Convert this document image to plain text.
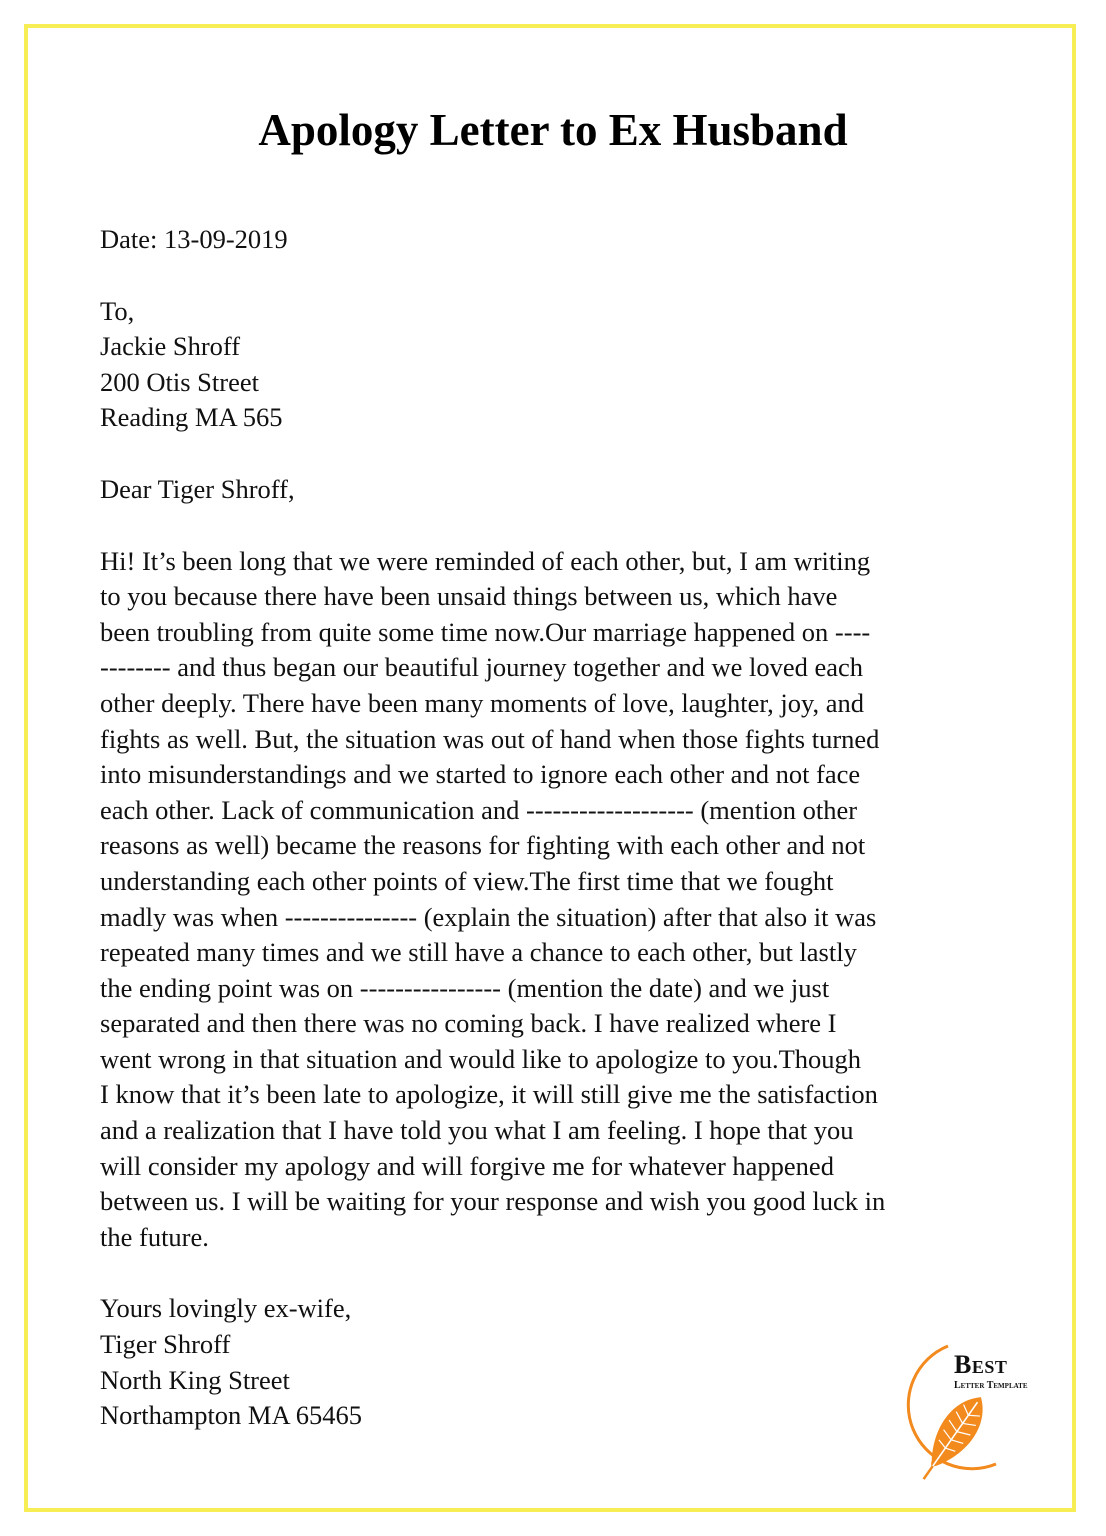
Apology Letter to Ex Husband
Date: 13-09-2019
To,
Jackie Shroff
200 Otis Street
Reading MA 565
Dear Tiger Shroff,
Hi! It’s been long that we were reminded of each other, but, I am writing
to you because there have been unsaid things between us, which have
been troubling from quite some time now.Our marriage happened on ----
-------- and thus began our beautiful journey together and we loved each
other deeply. There have been many moments of love, laughter, joy, and
fights as well. But, the situation was out of hand when those fights turned
into misunderstandings and we started to ignore each other and not face
each other. Lack of communication and ------------------- (mention other
reasons as well) became the reasons for fighting with each other and not
understanding each other points of view.The first time that we fought
madly was when --------------- (explain the situation) after that also it was
repeated many times and we still have a chance to each other, but lastly
the ending point was on ---------------- (mention the date) and we just
separated and then there was no coming back. I have realized where I
went wrong in that situation and would like to apologize to you.Though
I know that it’s been late to apologize, it will still give me the satisfaction
and a realization that I have told you what I am feeling. I hope that you
will consider my apology and will forgive me for whatever happened
between us. I will be waiting for your response and wish you good luck in
the future.
Yours lovingly ex-wife,
Tiger Shroff
North King Street
Northampton MA 65465
Best
Letter Template
